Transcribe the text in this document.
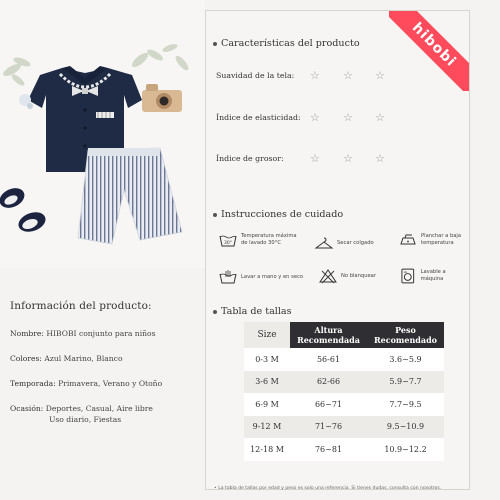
Información del producto:
Nombre: HIBOBI conjunto para niños
Colores: Azul Marino, Blanco
Temporada: Primavera, Verano y Otoño
Ocasión: Deportes, Casual, Aire libre
Uso diario, Fiestas
hibobi
Características del producto
Suavidad de la tela: ☆ ☆ ☆
Índice de elasticidad: ☆ ☆ ☆
Índice de grosor: ☆ ☆ ☆
Instrucciones de cuidado
30°
Temperatura máxima
de lavado 30°C	Secar colgado
Planchar a baja
temperatura
Lavar a mano y en seco	No blanquear
Lavable a máquina
Tabla de tallas
Size	Altura Recomendada	Peso Recomendado
0-3 M	56-61	3.6~5.9
3-6 M	62-66	5.9~7.7
6-9 M	66~71	7.7~9.5
9-12 M	71~76	9.5~10.9
12-18 M	76~81	10.9~12.2
• La tabla de tallas por edad y peso es solo una referencia. Si tienes dudas, consulta con nosotros.
